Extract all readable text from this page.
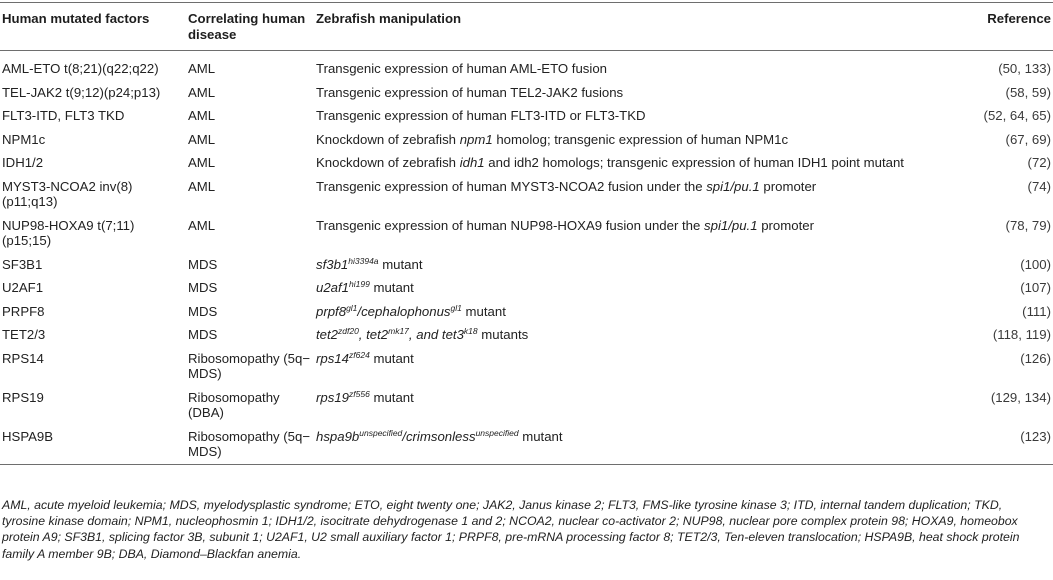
Human mutated factors	Correlating human disease	Zebrafish manipulation	Reference
AML-ETO t(8;21)(q22;q22)	AML	Transgenic expression of human AML-ETO fusion	(50, 133)
TEL-JAK2 t(9;12)(p24;p13)	AML	Transgenic expression of human TEL2-JAK2 fusions	(58, 59)
FLT3-ITD, FLT3 TKD	AML	Transgenic expression of human FLT3-ITD or FLT3-TKD	(52, 64, 65)
NPM1c	AML	Knockdown of zebrafish npm1 homolog; transgenic expression of human NPM1c	(67, 69)
IDH1/2	AML	Knockdown of zebrafish idh1 and idh2 homologs; transgenic expression of human IDH1 point mutant	(72)
MYST3-NCOA2 inv(8) (p11;q13)	AML	Transgenic expression of human MYST3-NCOA2 fusion under the spi1/pu.1 promoter	(74)
NUP98-HOXA9 t(7;11) (p15;15)	AML	Transgenic expression of human NUP98-HOXA9 fusion under the spi1/pu.1 promoter	(78, 79)
SF3B1	MDS	$sf3b1^{hi3394a}$ mutant	(100)
U2AF1	MDS	$u2af1^{hi199}$ mutant	(107)
PRPF8	MDS	$prpf8^{gl1}/cephalophonus^{gl1}$ mutant	(111)
TET2/3	MDS	$tet2^{zdf20}$, $tet2^{mk17}$, and $tet3^{k18}$ mutants	(118, 119)
RPS14	Ribosomopathy (5q− MDS)	$rps14^{zf624}$ mutant	(126)
RPS19	Ribosomopathy (DBA)	$rps19^{zf556}$ mutant	(129, 134)
HSPA9B	Ribosomopathy (5q− MDS)	$hspa9b^{unspecified}/crimsonless^{unspecified}$ mutant	(123)
AML, acute myeloid leukemia; MDS, myelodysplastic syndrome; ETO, eight twenty one; JAK2, Janus kinase 2; FLT3, FMS-like tyrosine kinase 3; ITD, internal tandem duplication; TKD, tyrosine kinase domain; NPM1, nucleophosmin 1; IDH1/2, isocitrate dehydrogenase 1 and 2; NCOA2, nuclear co-activator 2; NUP98, nuclear pore complex protein 98; HOXA9, homeobox protein A9; SF3B1, splicing factor 3B, subunit 1; U2AF1, U2 small auxiliary factor 1; PRPF8, pre-mRNA processing factor 8; TET2/3, Ten-eleven translocation; HSPA9B, heat shock protein family A member 9B; DBA, Diamond–Blackfan anemia.
